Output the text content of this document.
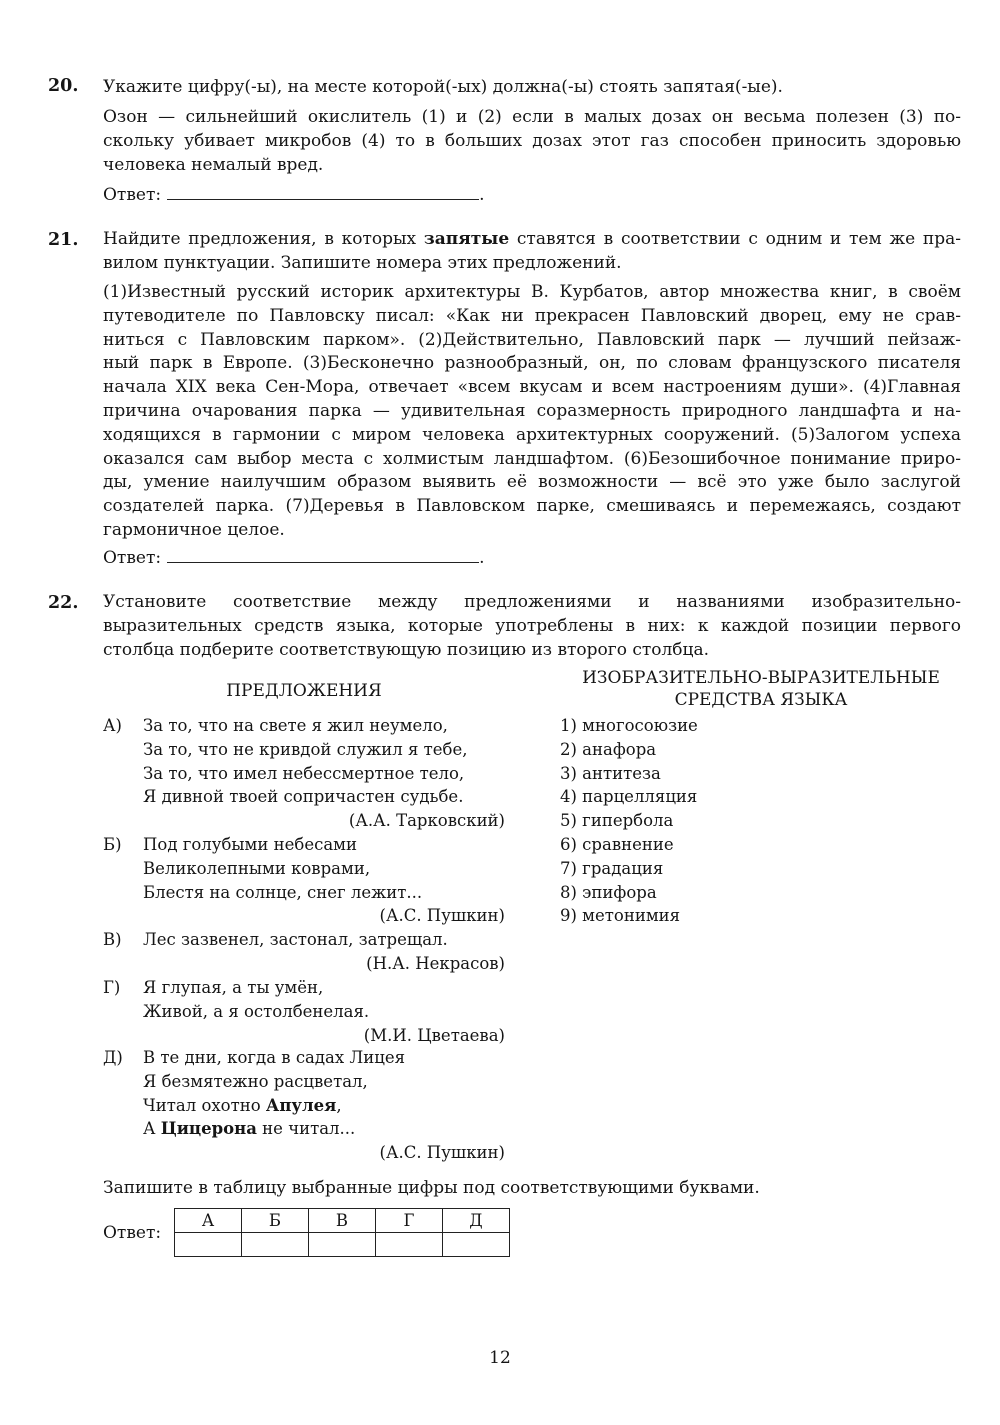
20. Укажите цифру(-ы), на месте которой(-ых) должна(-ы) стоять запятая(-ые).
Озон — сильнейший окислитель (1) и (2) если в малых дозах он весьма полезен (3) по-
скольку убивает микробов (4) то в больших дозах этот газ способен приносить здоровью
человека немалый вред.
Ответ:	.
21. Найдите предложения, в которых запятые ставятся в соответствии с одним и тем же пра-
вилом пунктуации. Запишите номера этих предложений.
(1)Известный русский историк архитектуры В. Курбатов, автор множества книг, в своём
путеводителе по Павловску писал: «Как ни прекрасен Павловский дворец, ему не срав-
ниться с Павловским парком». (2)Действительно, Павловский парк — лучший пейзаж-
ный парк в Европе. (3)Бесконечно разнообразный, он, по словам французского писателя
начала XIX века Сен-Мора, отвечает «всем вкусам и всем настроениям души». (4)Главная
причина очарования парка — удивительная соразмерность природного ландшафта и на-
ходящихся в гармонии с миром человека архитектурных сооружений. (5)Залогом успеха
оказался сам выбор места с холмистым ландшафтом. (6)Безошибочное понимание приро-
ды, умение наилучшим образом выявить её возможности — всё это уже было заслугой
создателей парка. (7)Деревья в Павловском парке, смешиваясь и перемежаясь, создают
гармоничное целое.
Ответ:	.
22. Установите соответствие между предложениями и названиями изобразительно-
выразительных средств языка, которые употреблены в них: к каждой позиции первого
столбца подберите соответствующую позицию из второго столбца.
ПРЕДЛОЖЕНИЯ
ИЗОБРАЗИТЕЛЬНО-ВЫРАЗИТЕЛЬНЫЕ
СРЕДСТВА ЯЗЫКА
А) За то, что на свете я жил неумело,
За то, что не кривдой служил я тебе,
За то, что имел небессмертное тело,
Я дивной твоей сопричастен судьбе.
(А.А. Тарковский)
Б) Под голубыми небесами
Великолепными коврами,
Блестя на солнце, снег лежит...
(А.С. Пушкин)
В) Лес зазвенел, застонал, затрещал.
(Н.А. Некрасов)
Г) Я глупая, а ты умён,
Живой, а я остолбенелая.
(М.И. Цветаева)
Д) В те дни, когда в садах Лицея
Я безмятежно расцветал,
Читал охотно Апулея,
А Цицерона не читал...
(А.С. Пушкин)
1) многосоюзие
2) анафора
3) антитеза
4) парцелляция
5) гипербола
6) сравнение
7) градация
8) эпифора
9) метонимия
Запишите в таблицу выбранные цифры под соответствующими буквами.
Ответ:
А	Б	В	Г	Д

12
